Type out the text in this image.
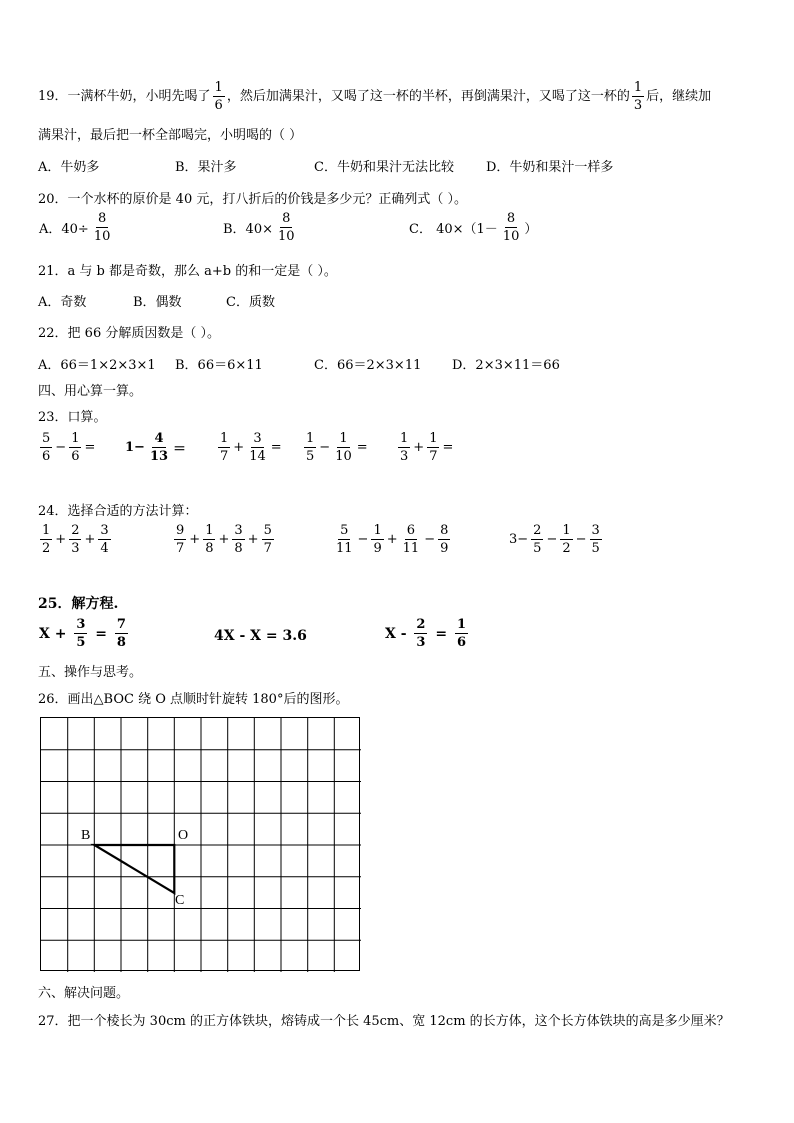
19．一满杯牛奶，小明先喝了 $\frac{1}{6}$ ，然后加满果汁，又喝了这一杯的半杯，再倒满果汁，又喝了这一杯的 $\frac{1}{3}$ 后，继续加
满果汁，最后把一杯全部喝完，小明喝的（ ）
A．牛奶多	B．果汁多	C．牛奶和果汁无法比较 D．牛奶和果汁一样多
20．一个水杯的原价是 40 元，打八折后的价钱是多少元？正确列式（ ）。
A．$40\div \frac{8}{10}$	B．$40\times \frac{8}{10}$	C． $40\times(1- \frac{8}{10}$ ）
21．a 与 b 都是奇数，那么 a+b 的和一定是（ ）。
A．奇数	B．偶数	C．质数
22．把 66 分解质因数是（ ）。
A．66＝1×2×3×1 B．66＝6×11	C．66＝2×3×11 D．2×3×11＝66
四、用心算一算。
23．口算。
$\frac{5}{6} - \frac{1}{6} = 1- \frac{4}{13} = \frac{1}{7} + \frac{3}{14} = \frac{1}{5} - \frac{1}{10} = \frac{1}{3} + \frac{1}{7}$ =
24．选择合适的方法计算：
$\frac{1}{2} + \frac{2}{3} + \frac{3}{4}$	$\frac{9}{7} + \frac{1}{8} + \frac{3}{8} + \frac{5}{7}$	$\frac{5}{11} - \frac{1}{9} + \frac{6}{11} - \frac{8}{9}$	$3- \frac{2}{5} - \frac{1}{2} - \frac{3}{5}$
25．解方程.
$X + \frac{3}{5} = \frac{7}{8}$	4X - X = 3.6	$X - \frac{2}{3} = \frac{1}{6}$
五、操作与思考。
26．画出△BOC 绕 O 点顺时针旋转 180°后的图形。
B	O
C
六、解决问题。
27．把一个棱长为 30cm 的正方体铁块，熔铸成一个长 45cm、宽 12cm 的长方体，这个长方体铁块的高是多少厘米？
